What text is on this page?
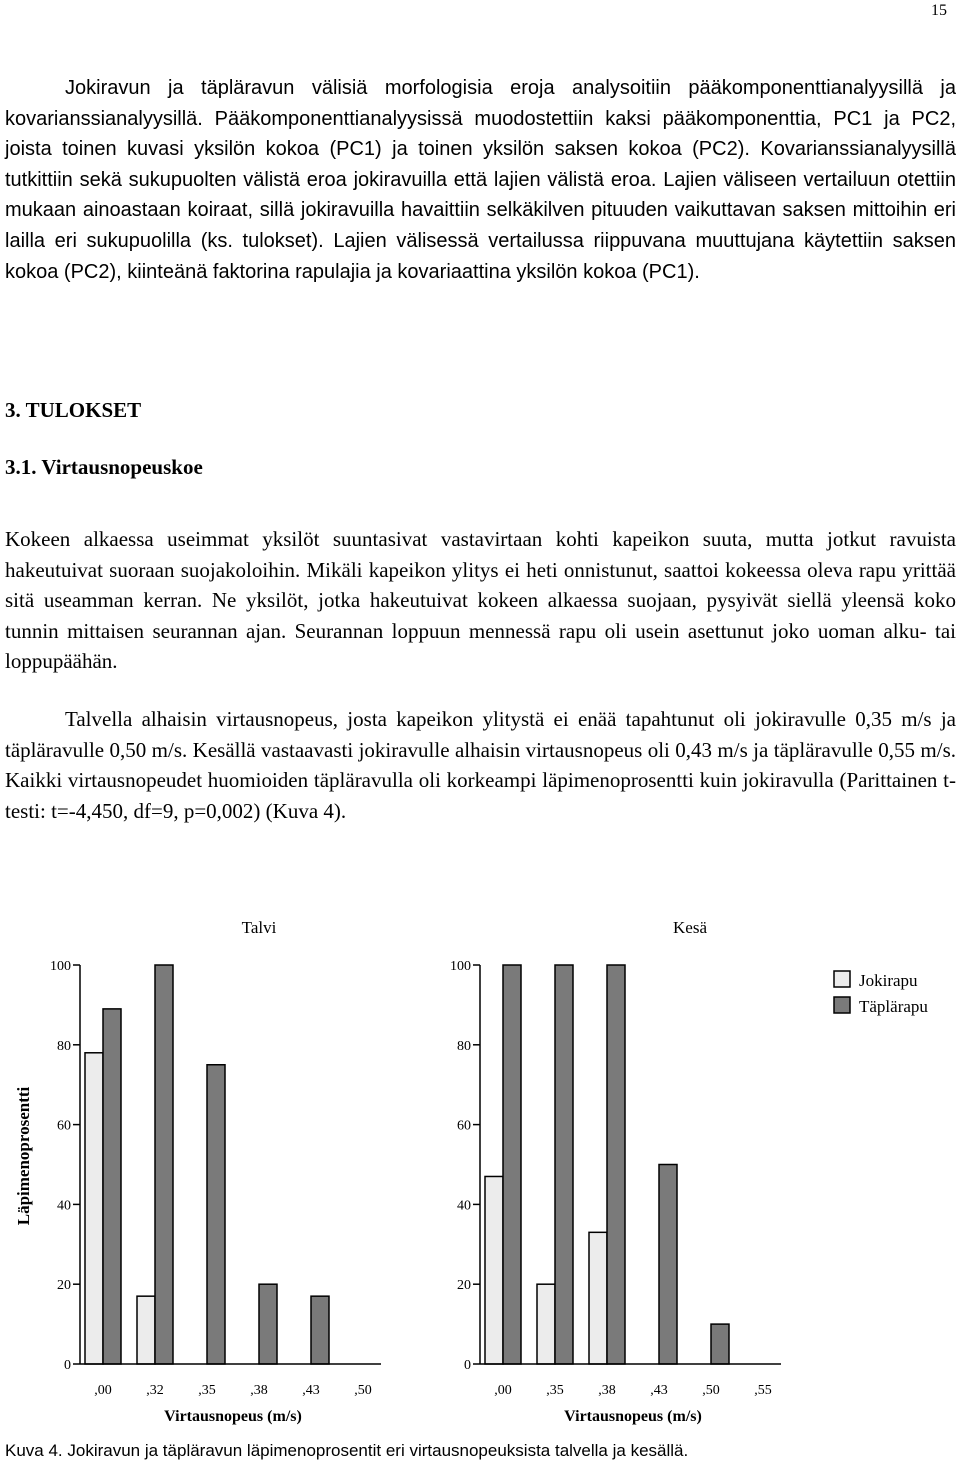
15

Jokiravun ja täpläravun välisiä morfologisia eroja analysoitiin pääkomponenttianalyysillä ja kovarianssianalyysillä. Pääkomponenttianalyysissä muodostettiin kaksi pääkomponenttia, PC1 ja PC2, joista toinen kuvasi yksilön kokoa (PC1) ja toinen yksilön saksen kokoa (PC2). Kovarianssianalyysillä tutkittiin sekä sukupuolten välistä eroa jokiravuilla että lajien välistä eroa. Lajien väliseen vertailuun otettiin mukaan ainoastaan koiraat, sillä jokiravuilla havaittiin selkäkilven pituuden vaikuttavan saksen mittoihin eri lailla eri sukupuolilla (ks. tulokset). Lajien välisessä vertailussa riippuvana muuttujana käytettiin saksen kokoa (PC2), kiinteänä faktorina rapulajia ja kovariaattina yksilön kokoa (PC1).

3. TULOKSET
3.1. Virtausnopeuskoe

Kokeen alkaessa useimmat yksilöt suuntasivat vastavirtaan kohti kapeikon suuta, mutta jotkut ravuista hakeutuivat suoraan suojakoloihin. Mikäli kapeikon ylitys ei heti onnistunut, saattoi kokeessa oleva rapu yrittää sitä useamman kerran. Ne yksilöt, jotka hakeutuivat kokeen alkaessa suojaan, pysyivät siellä yleensä koko tunnin mittaisen seurannan ajan. Seurannan loppuun mennessä rapu oli usein asettunut joko uoman alku- tai loppupäähän.

Talvella alhaisin virtausnopeus, josta kapeikon ylitystä ei enää tapahtunut oli jokiravulle 0,35 m/s ja täpläravulle 0,50 m/s. Kesällä vastaavasti jokiravulle alhaisin virtausnopeus oli 0,43 m/s ja täpläravulle 0,55 m/s. Kaikki virtausnopeudet huomioiden täpläravulla oli korkeampi läpimenoprosentti kuin jokiravulla (Parittainen t-testi: t=-4,450, df=9, p=0,002) (Kuva 4).

Talvi
0
20
40
60
80
100
,00 ,32 ,35 ,38 ,43 ,50
Virtausnopeus (m/s)
Kesä
0
20
40
60
80
100
,00 ,35 ,38 ,43 ,50 ,55
Virtausnopeus (m/s)
Läpimenoprosentti
Jokirapu
Täplärapu

Kuva 4. Jokiravun ja täpläravun läpimenoprosentit eri virtausnopeuksista talvella ja kesällä.
